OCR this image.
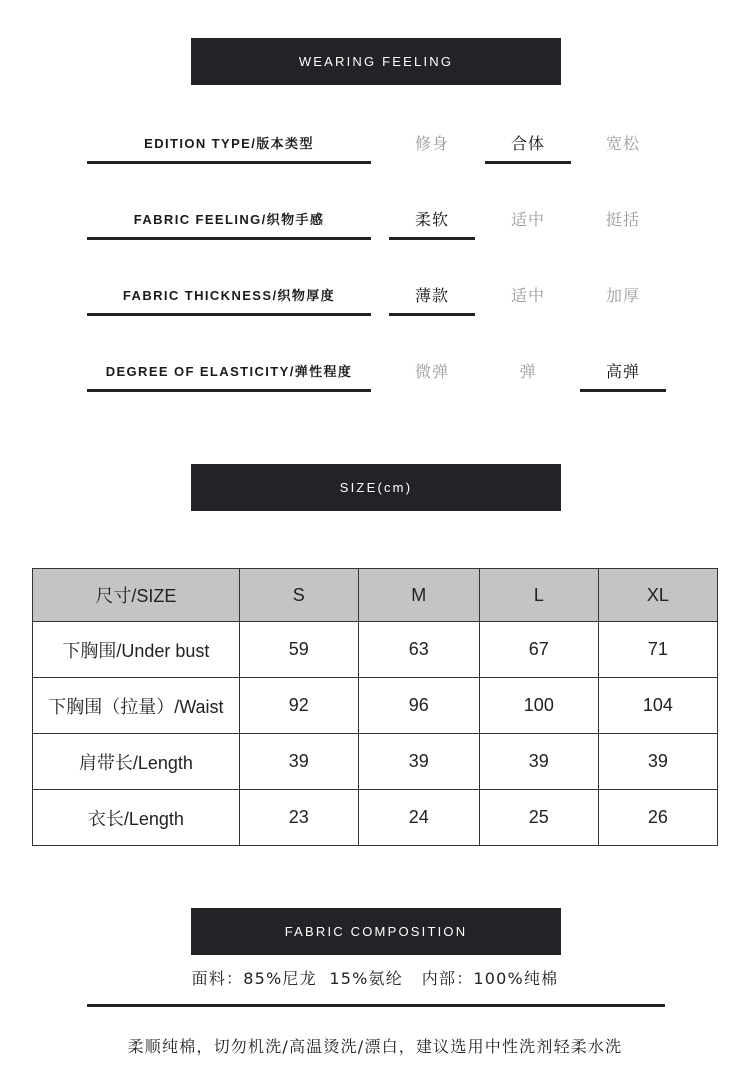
WEARING FEELING
EDITION TYPE/版本类型	修身	合体	宽松
FABRIC FEELING/织物手感	柔软	适中	挺括
FABRIC THICKNESS/织物厚度	薄款	适中	加厚
DEGREE OF ELASTICITY/弹性程度	微弹	弹	高弹
SIZE(cm)
尺寸/SIZE	S	M	L	XL
下胸围/Under bust	59	63	67	71
下胸围（拉量）/Waist	92	96	100	104
肩带长/Length	39	39	39	39
衣长/Length	23	24	25	26
FABRIC COMPOSITION
面料：85%尼龙  15%氨纶   内部：100%纯棉
柔顺纯棉，切勿机洗/高温烫洗/漂白，建议选用中性洗剂轻柔水洗
